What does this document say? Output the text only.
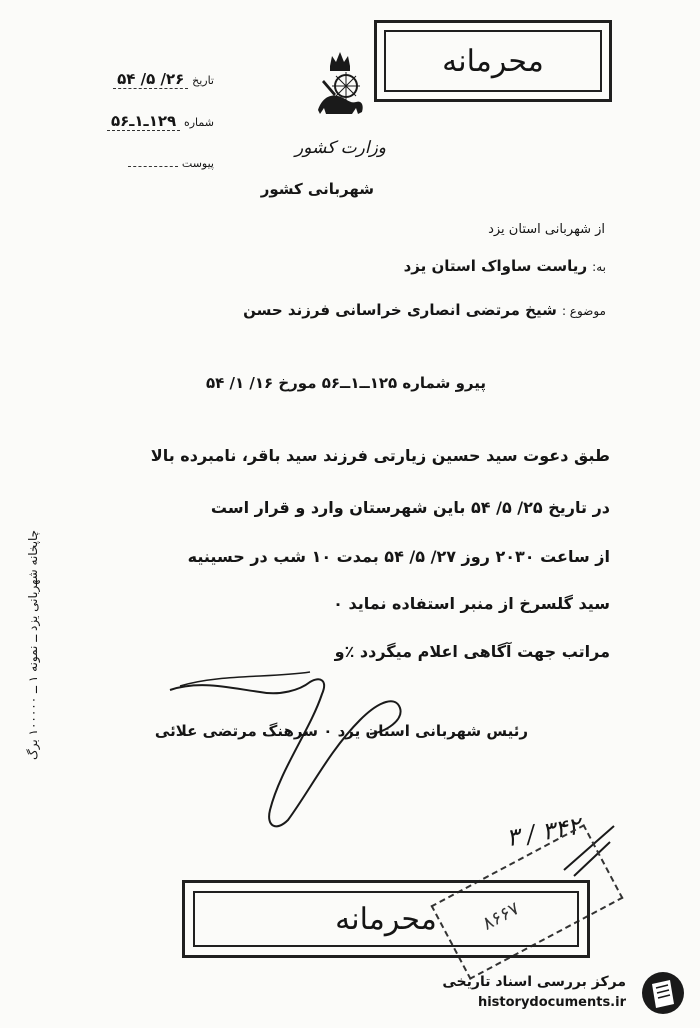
محرمانه
تاریخ ۲۶/ ۵/ ۵۴
شماره ۱۲۹ـ۱ـ۵۶
پیوست
وزارت کشور
شهربانی کشور
از شهربانی استان یزد
به: ریاست ساواک استان یزد
موضوع : شیخ مرتضی انصاری خراسانی فرزند حسن
پیرو شماره ۱۲۵ــ۱ــ۵۶ مورخ ۱۶/ ۱/ ۵۴
طبق دعوت سید حسین زیارتی فرزند سید باقر، نامبرده بالا
در تاریخ ۲۵/ ۵/ ۵۴ باین شهرستان وارد و قرار است
از ساعت ۲۰۳۰ روز ۲۷/ ۵/ ۵۴ بمدت ۱۰ شب در حسینیه
سید گلسرخ از منبر استفاده نماید ۰
مراتب جهت آگاهی اعلام میگردد ٪و
رئیس شهربانی استان یزد ۰ سرهنگ مرتضی علائی
چاپخانه شهربانی یزد ــ نمونه ۱ ــ ۱۰۰۰۰۰ برگ
۳۴۲ / ۳
۸۶۶۷
محرمانه
مرکز بررسی اسناد تاریخی
historydocuments.ir
